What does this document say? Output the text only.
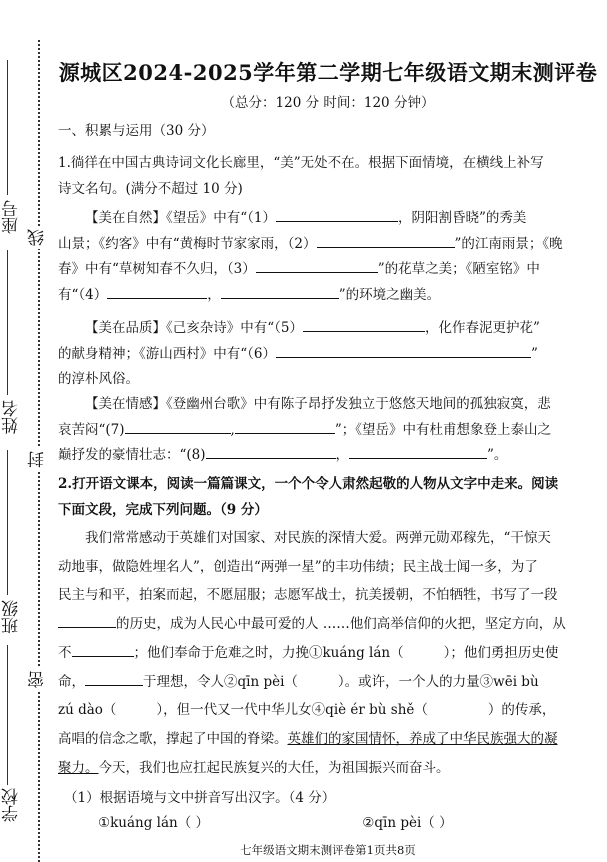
学校
班级
姓名
座号
密
封
线
源城区2024-2025学年第二学期七年级语文期末测评卷
（总分：120 分 时间：120 分钟）
一、积累与运用（30 分）
1.徜徉在中国古典诗词文化长廊里，“美”无处不在。根据下面情境，在横线上补写
诗文名句。(满分不超过 10 分)
【美在自然】《望岳》中有“（1）	，阴阳割昏晓”的秀美
山景；《约客》中有“黄梅时节家家雨，（2）	”的江南雨景；《晚
春》中有“草树知春不久归，（3）	”的花草之美；《陋室铭》中
有“（4）	，	”的环境之幽美。
【美在品质】《己亥杂诗》中有“（5）	，化作春泥更护花”
的献身精神；《游山西村》中有“（6）	”
的淳朴风俗。
【美在情感】《登幽州台歌》中有陈子昂抒发独立于悠悠天地间的孤独寂寞，悲
哀苦闷“(7)	,	”；《望岳》中有杜甫想象登上泰山之
巅抒发的豪情壮志：“(8)	，	”。
2.打开语文课本，阅读一篇篇课文，一个个令人肃然起敬的人物从文字中走来。阅读
下面文段，完成下列问题。（9 分）
我们常常感动于英雄们对国家、对民族的深情大爱。两弹元勋邓稼先，“干惊天
动地事，做隐姓埋名人”，创造出“两弹一星”的丰功伟绩；民主战士闻一多，为了
民主与和平，拍案而起，不愿屈服；志愿军战士，抗美援朝，不怕牺牲，书写了一段
的历史，成为人民心中最可爱的人 ……他们高举信仰的火把，坚定方向，从
不	；他们奉命于危难之时，力挽①kuáng lán（	）；他们勇担历史使
命，	于理想，令人②qīn pèi（	）。或许，一个人的力量③wēi bù
zú dào（	），但一代又一代中华儿女④qiè ér bù shě（	）的传承，
高唱的信念之歌，撑起了中国的脊梁。英雄们的家国情怀，养成了中华民族强大的凝
聚力。今天，我们也应扛起民族复兴的大任，为祖国振兴而奋斗。
（1）根据语境与文中拼音写出汉字。（4 分）
①kuáng lán（ ）	②qīn pèi（ ）
七年级语文期末测评卷第1页共8页
